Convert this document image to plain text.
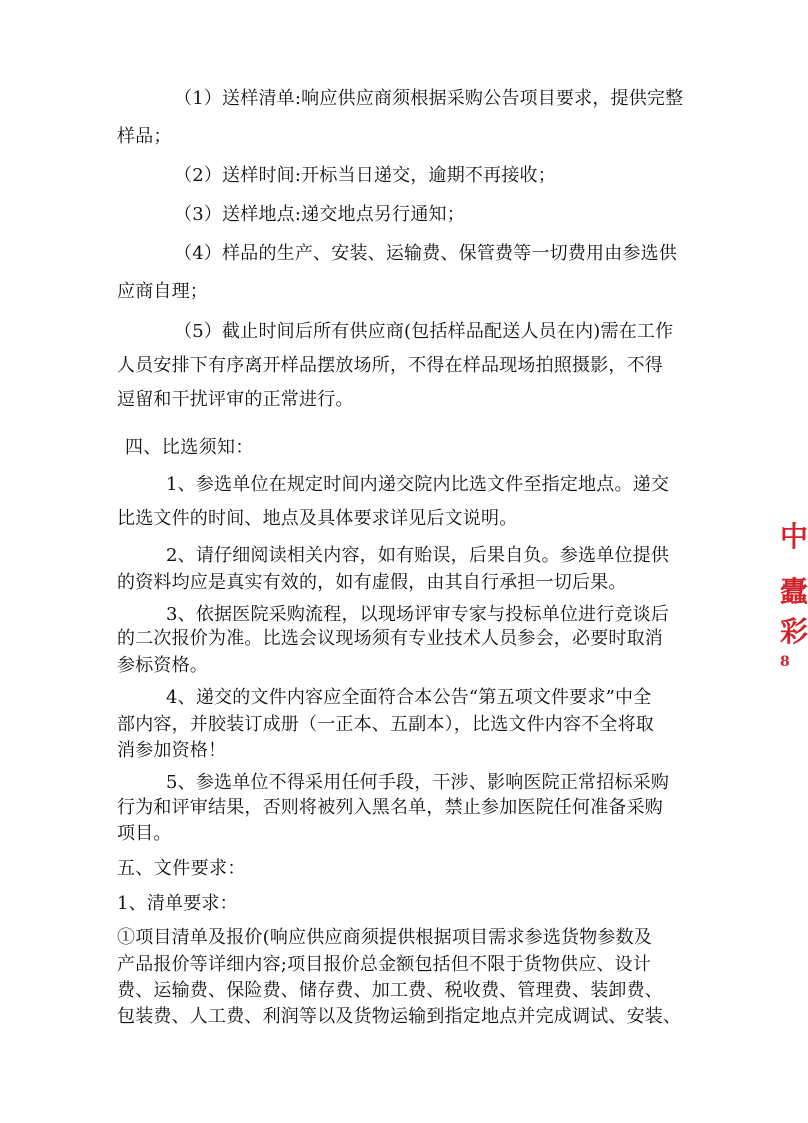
（1）送样清单:响应供应商须根据采购公告项目要求，提供完整
样品；
（2）送样时间:开标当日递交，逾期不再接收；
（3）送样地点:递交地点另行通知；
（4）样品的生产、安装、运输费、保管费等一切费用由参选供
应商自理；
（5）截止时间后所有供应商(包括样品配送人员在内)需在工作
人员安排下有序离开样品摆放场所，不得在样品现场拍照摄影，不得
逗留和干扰评审的正常进行。
四、比选须知：
1、参选单位在规定时间内递交院内比选文件至指定地点。递交
比选文件的时间、地点及具体要求详见后文说明。
2、请仔细阅读相关内容，如有贻误，后果自负。参选单位提供
的资料均应是真实有效的，如有虚假，由其自行承担一切后果。
3、依据医院采购流程，以现场评审专家与投标单位进行竞谈后
的二次报价为准。比选会议现场须有专业技术人员参会，必要时取消
参标资格。
4、递交的文件内容应全面符合本公告“第五项文件要求”中全
部内容，并胶装订成册（一正本、五副本），比选文件内容不全将取
消参加资格！
5、参选单位不得采用任何手段，干涉、影响医院正常招标采购
行为和评审结果，否则将被列入黑名单，禁止参加医院任何准备采购
项目。
五、文件要求：
1、清单要求：
①项目清单及报价(响应供应商须提供根据项目需求参选货物参数及
产品报价等详细内容;项目报价总金额包括但不限于货物供应、设计
费、运输费、保险费、储存费、加工费、税收费、管理费、装卸费、
包装费、人工费、利润等以及货物运输到指定地点并完成调试、安装、
中
蠹
彩
8
